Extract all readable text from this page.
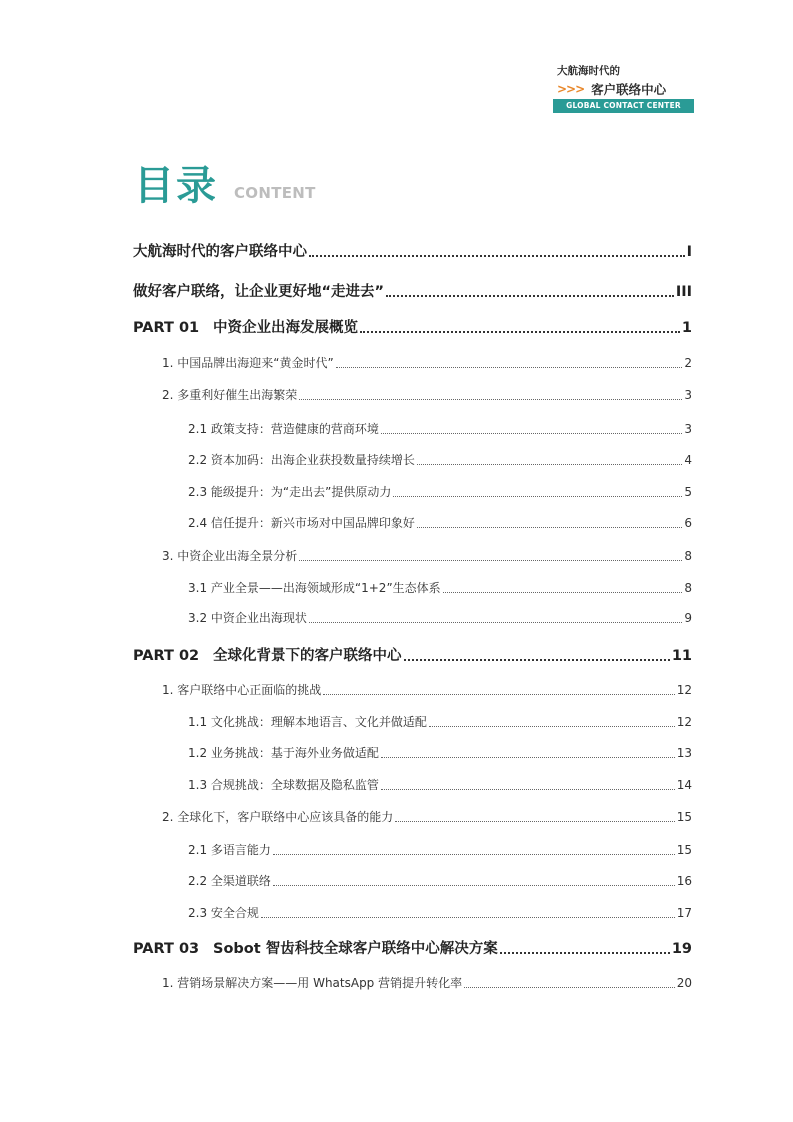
大航海时代的
>>> 客户联络中心
GLOBAL CONTACT CENTER
目录 CONTENT
大航海时代的客户联络中心	I
做好客户联络，让企业更好地“走进去”	III
PART 01 中资企业出海发展概览	1
1. 中国品牌出海迎来“黄金时代”	2
2. 多重利好催生出海繁荣	3
2.1 政策支持：营造健康的营商环境	3
2.2 资本加码：出海企业获投数量持续增长	4
2.3 能级提升：为“走出去”提供原动力	5
2.4 信任提升：新兴市场对中国品牌印象好	6
3. 中资企业出海全景分析	8
3.1 产业全景——出海领域形成“1+2”生态体系	8
3.2 中资企业出海现状	9
PART 02 全球化背景下的客户联络中心	11
1. 客户联络中心正面临的挑战	12
1.1 文化挑战：理解本地语言、文化并做适配	12
1.2 业务挑战：基于海外业务做适配	13
1.3 合规挑战：全球数据及隐私监管	14
2. 全球化下，客户联络中心应该具备的能力	15
2.1 多语言能力	15
2.2 全渠道联络	16
2.3 安全合规	17
PART 03 Sobot 智齿科技全球客户联络中心解决方案	19
1. 营销场景解决方案——用 WhatsApp 营销提升转化率	20
